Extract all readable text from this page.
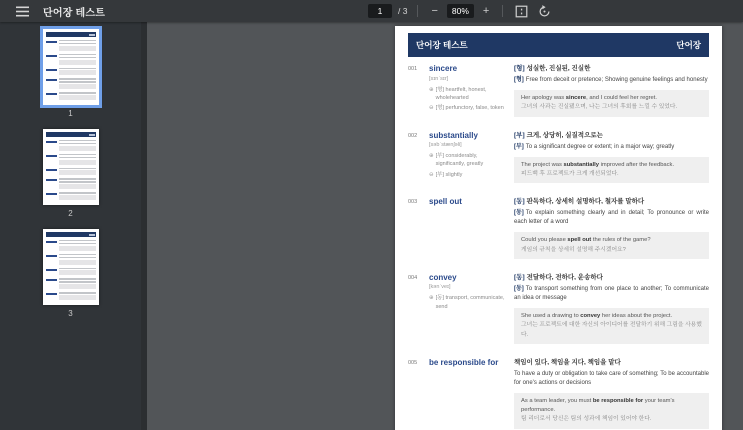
단어장 테스트
1	/ 3 −	80%	+
1
2
3
단어장 테스트	단어장
001	sincere
[sɪnˈsɪr]
⊕ [형] heartfelt, honest, wholehearted
⊖ [형] perfunctory, false, token
[형] 성실한, 진실된, 진실한
[형] Free from deceit or pretence; Showing genuine feelings and honesty
Her apology was sincere, and I could feel her regret.
그녀의 사과는 진실됐으며, 나는 그녀의 후회를 느낄 수 있었다.
002	substantially
[səbˈstænʃəli]
⊕ [부] considerably, significantly, greatly
⊖ [부] slightly
[부] 크게, 상당히, 실질적으로는
[부] To a significant degree or extent; in a major way; greatly
The project was substantially improved after the feedback.
피드백 후 프로젝트가 크게 개선되었다.
003	spell out	[동] 판독하다, 상세히 설명하다, 철자를 말하다
[동] To explain something clearly and in detail; To pronounce or write each letter of a word
Could you please spell out the rules of the game?
게임의 규칙을 상세히 설명해 주시겠어요?
004	convey
[kənˈveɪ]
⊕ [동] transport, communicate, send
[동] 전달하다, 전하다, 운송하다
[동] To transport something from one place to another; To communicate an idea or message
She used a drawing to convey her ideas about the project.
그녀는 프로젝트에 대한 자신의 아이디어를 전달하기 위해 그림을 사용했다.
005	be responsible for 책임이 있다, 책임을 지다, 책임을 맡다
To have a duty or obligation to take care of something; To be accountable for one's actions or decisions
As a team leader, you must be responsible for your team's performance.
팀 리더로서 당신은 팀의 성과에 책임이 있어야 한다.
